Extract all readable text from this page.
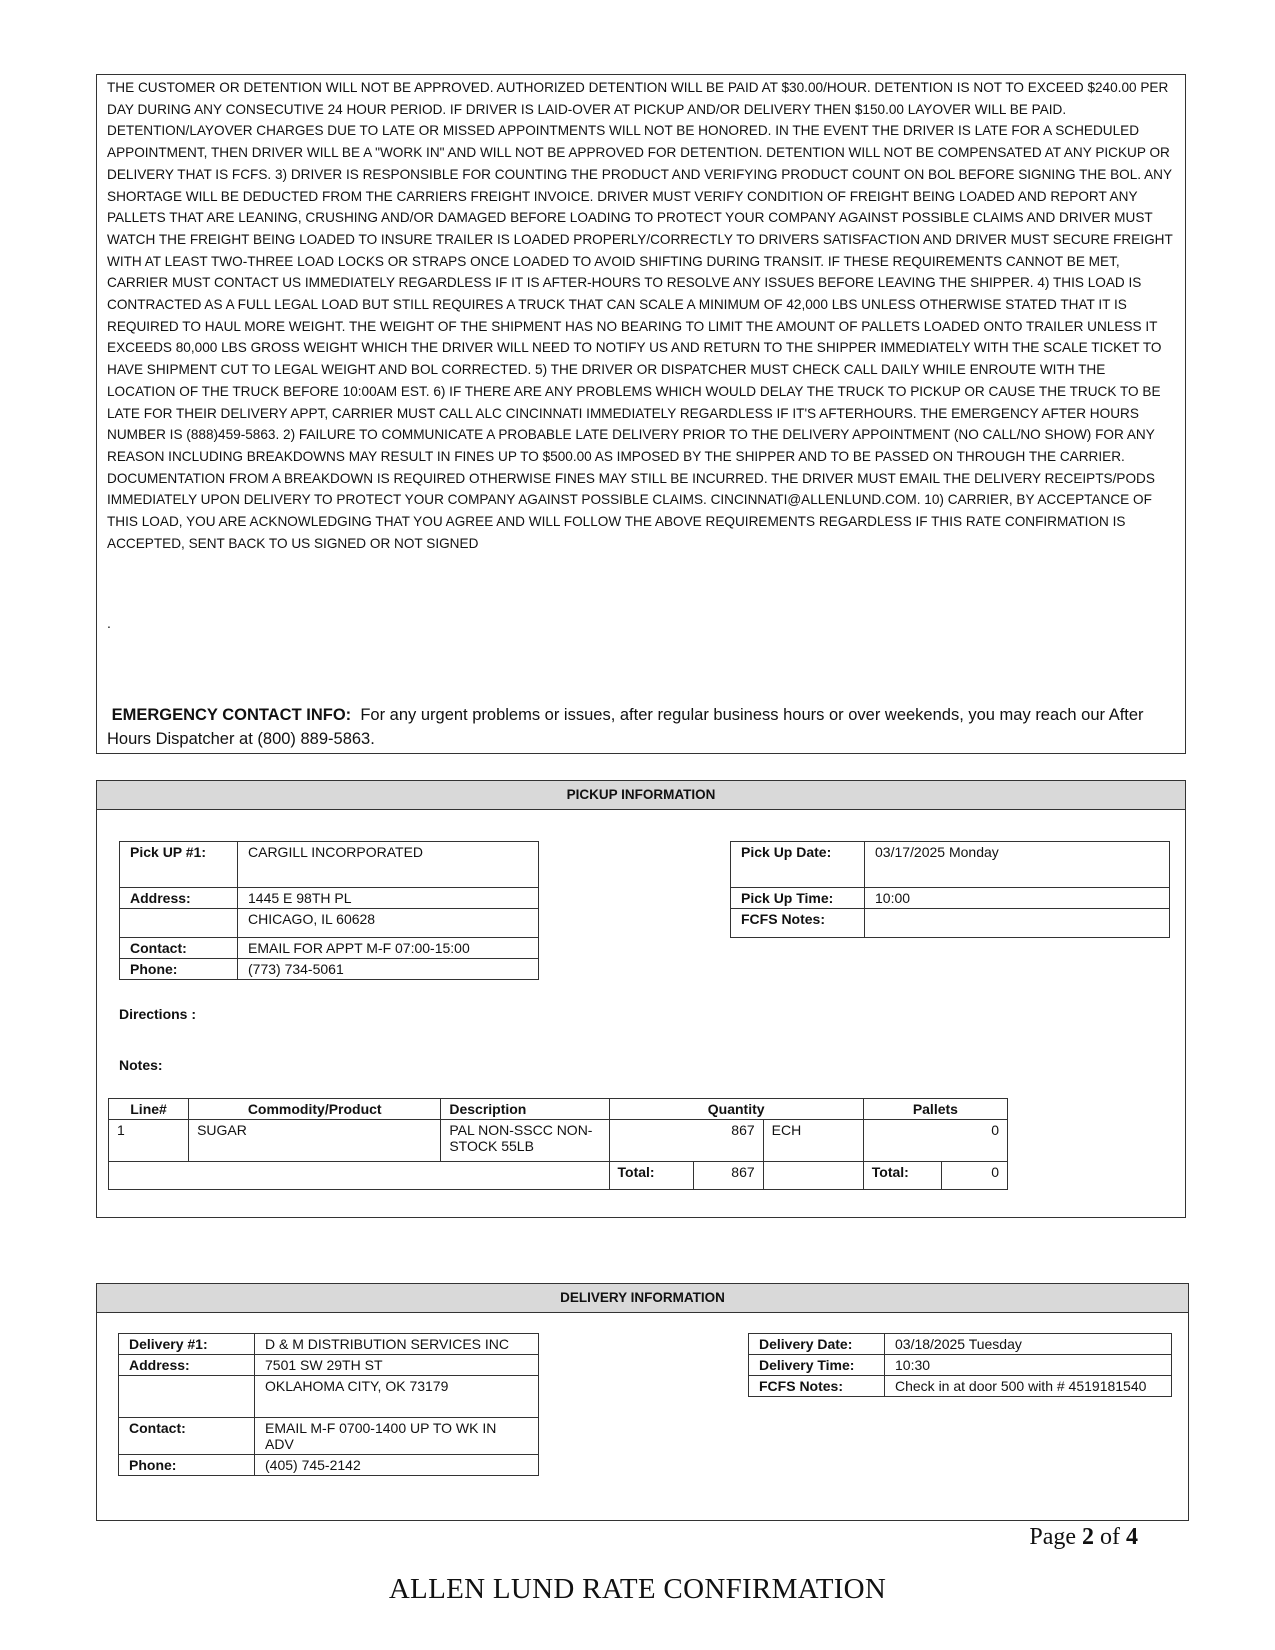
THE CUSTOMER OR DETENTION WILL NOT BE APPROVED. AUTHORIZED DETENTION WILL BE PAID AT $30.00/HOUR. DETENTION IS NOT TO EXCEED $240.00 PER DAY DURING ANY CONSECUTIVE 24 HOUR PERIOD. IF DRIVER IS LAID-OVER AT PICKUP AND/OR DELIVERY THEN $150.00 LAYOVER WILL BE PAID. DETENTION/LAYOVER CHARGES DUE TO LATE OR MISSED APPOINTMENTS WILL NOT BE HONORED. IN THE EVENT THE DRIVER IS LATE FOR A SCHEDULED APPOINTMENT, THEN DRIVER WILL BE A "WORK IN" AND WILL NOT BE APPROVED FOR DETENTION. DETENTION WILL NOT BE COMPENSATED AT ANY PICKUP OR DELIVERY THAT IS FCFS. 3) DRIVER IS RESPONSIBLE FOR COUNTING THE PRODUCT AND VERIFYING PRODUCT COUNT ON BOL BEFORE SIGNING THE BOL. ANY SHORTAGE WILL BE DEDUCTED FROM THE CARRIERS FREIGHT INVOICE. DRIVER MUST VERIFY CONDITION OF FREIGHT BEING LOADED AND REPORT ANY PALLETS THAT ARE LEANING, CRUSHING AND/OR DAMAGED BEFORE LOADING TO PROTECT YOUR COMPANY AGAINST POSSIBLE CLAIMS AND DRIVER MUST WATCH THE FREIGHT BEING LOADED TO INSURE TRAILER IS LOADED PROPERLY/CORRECTLY TO DRIVERS SATISFACTION AND DRIVER MUST SECURE FREIGHT WITH AT LEAST TWO-THREE LOAD LOCKS OR STRAPS ONCE LOADED TO AVOID SHIFTING DURING TRANSIT. IF THESE REQUIREMENTS CANNOT BE MET, CARRIER MUST CONTACT US IMMEDIATELY REGARDLESS IF IT IS AFTER-HOURS TO RESOLVE ANY ISSUES BEFORE LEAVING THE SHIPPER. 4) THIS LOAD IS CONTRACTED AS A FULL LEGAL LOAD BUT STILL REQUIRES A TRUCK THAT CAN SCALE A MINIMUM OF 42,000 LBS UNLESS OTHERWISE STATED THAT IT IS REQUIRED TO HAUL MORE WEIGHT. THE WEIGHT OF THE SHIPMENT HAS NO BEARING TO LIMIT THE AMOUNT OF PALLETS LOADED ONTO TRAILER UNLESS IT EXCEEDS 80,000 LBS GROSS WEIGHT WHICH THE DRIVER WILL NEED TO NOTIFY US AND RETURN TO THE SHIPPER IMMEDIATELY WITH THE SCALE TICKET TO HAVE SHIPMENT CUT TO LEGAL WEIGHT AND BOL CORRECTED. 5) THE DRIVER OR DISPATCHER MUST CHECK CALL DAILY WHILE ENROUTE WITH THE LOCATION OF THE TRUCK BEFORE 10:00AM EST. 6) IF THERE ARE ANY PROBLEMS WHICH WOULD DELAY THE TRUCK TO PICKUP OR CAUSE THE TRUCK TO BE LATE FOR THEIR DELIVERY APPT, CARRIER MUST CALL ALC CINCINNATI IMMEDIATELY REGARDLESS IF IT'S AFTERHOURS. THE EMERGENCY AFTER HOURS NUMBER IS (888)459-5863. 2) FAILURE TO COMMUNICATE A PROBABLE LATE DELIVERY PRIOR TO THE DELIVERY APPOINTMENT (NO CALL/NO SHOW) FOR ANY REASON INCLUDING BREAKDOWNS MAY RESULT IN FINES UP TO $500.00 AS IMPOSED BY THE SHIPPER AND TO BE PASSED ON THROUGH THE CARRIER. DOCUMENTATION FROM A BREAKDOWN IS REQUIRED OTHERWISE FINES MAY STILL BE INCURRED. THE DRIVER MUST EMAIL THE DELIVERY RECEIPTS/PODS IMMEDIATELY UPON DELIVERY TO PROTECT YOUR COMPANY AGAINST POSSIBLE CLAIMS. CINCINNATI@ALLENLUND.COM. 10) CARRIER, BY ACCEPTANCE OF THIS LOAD, YOU ARE ACKNOWLEDGING THAT YOU AGREE AND WILL FOLLOW THE ABOVE REQUIREMENTS REGARDLESS IF THIS RATE CONFIRMATION IS ACCEPTED, SENT BACK TO US SIGNED OR NOT SIGNED
.
EMERGENCY CONTACT INFO: For any urgent problems or issues, after regular business hours or over weekends, you may reach our After Hours Dispatcher at (800) 889-5863.
PICKUP INFORMATION
Pick UP #1:	CARGILL INCORPORATED
Address:	1445 E 98TH PL
	CHICAGO, IL 60628
Contact:	EMAIL FOR APPT M-F 07:00-15:00
Phone:	(773) 734-5061
Pick Up Date:	03/17/2025 Monday
Pick Up Time:	10:00
FCFS Notes:	
Directions :
Notes:
Line#	Commodity/Product	Description	Quantity			Pallets	
1	SUGAR	PAL NON-SSCC NON-STOCK 55LB	867		ECH	0	
			Total:	867		Total:	0
DELIVERY INFORMATION
Delivery #1:	D & M DISTRIBUTION SERVICES INC
Address:	7501 SW 29TH ST
	OKLAHOMA CITY, OK 73179
Contact:	EMAIL M-F 0700-1400 UP TO WK IN ADV
Phone:	(405) 745-2142
Delivery Date:	03/18/2025 Tuesday
Delivery Time:	10:30
FCFS Notes:	Check in at door 500 with # 4519181540
Page 2 of 4
ALLEN LUND RATE CONFIRMATION
